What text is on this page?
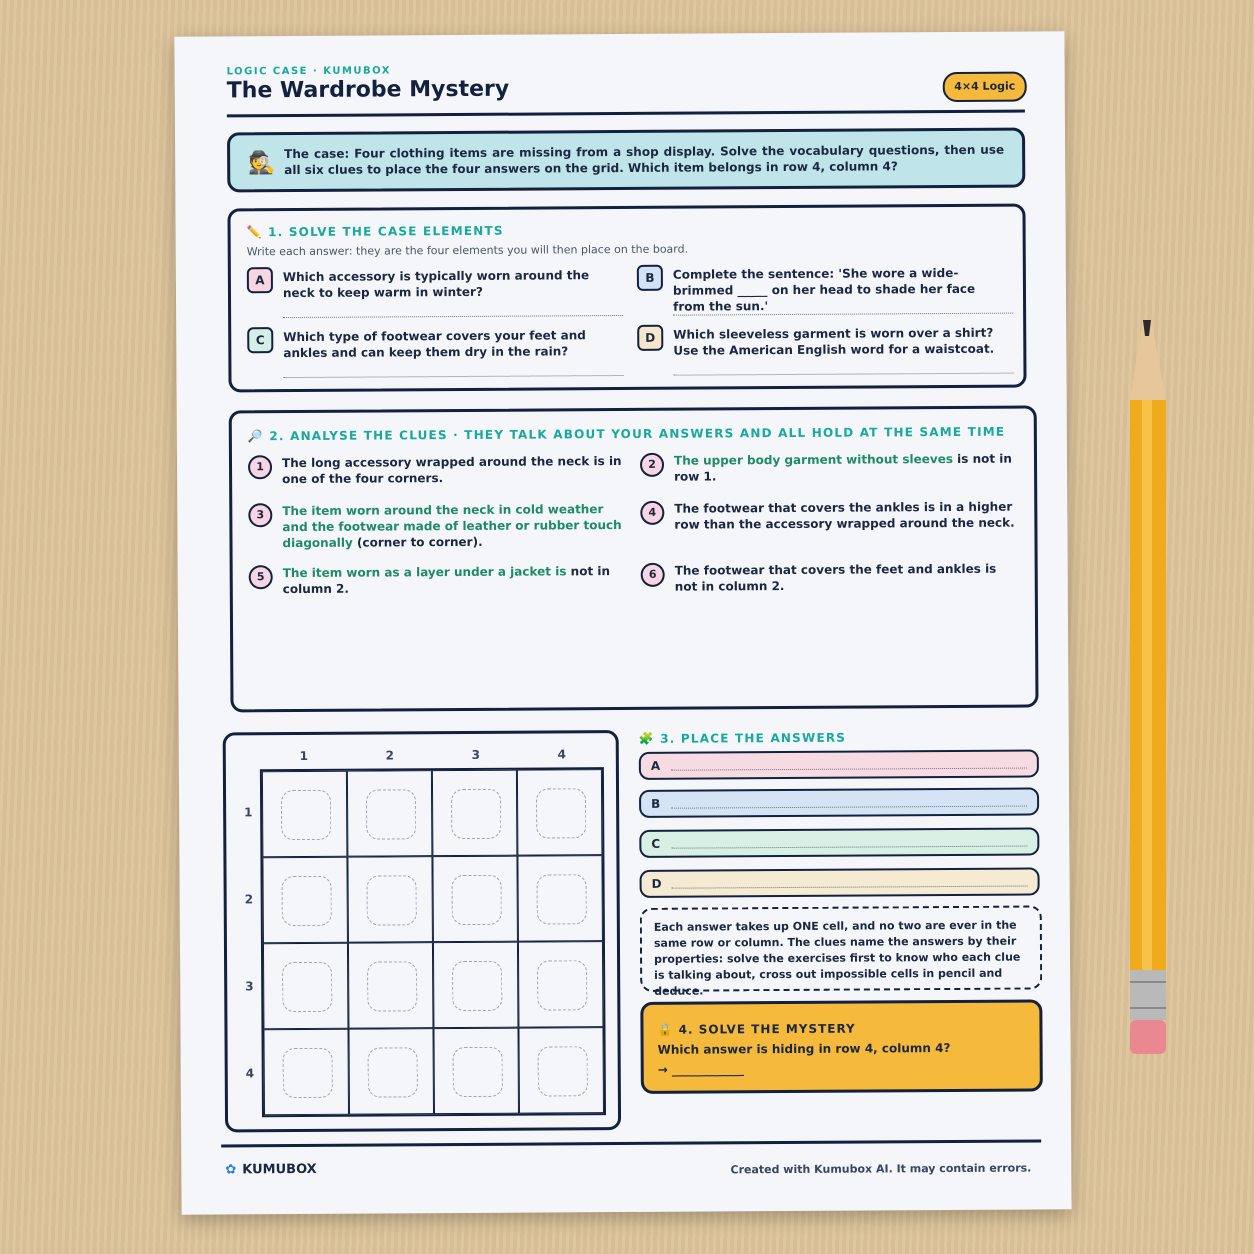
LOGIC CASE · KUMUBOX
The Wardrobe Mystery	4×4 Logic
🕵️ The case: Four clothing items are missing from a shop display. Solve the vocabulary questions, then use all six clues to place the four answers on the grid. Which item belongs in row 4, column 4?
✏️ 1. SOLVE THE CASE ELEMENTS
Write each answer: they are the four elements you will then place on the board.
A	Which accessory is typically worn around the neck to keep warm in winter?
B	Complete the sentence: 'She wore a wide-brimmed _____ on her head to shade her face from the sun.'
C	Which type of footwear covers your feet and ankles and can keep them dry in the rain?
D	Which sleeveless garment is worn over a shirt? Use the American English word for a waistcoat.
🔎 2. ANALYSE THE CLUES · THEY TALK ABOUT YOUR ANSWERS AND ALL HOLD AT THE SAME TIME
1	The long accessory wrapped around the neck is in one of the four corners.
2	The upper body garment without sleeves is not in row 1.
3	The item worn around the neck in cold weather and the footwear made of leather or rubber touch diagonally (corner to corner).
4	The footwear that covers the ankles is in a higher row than the accessory wrapped around the neck.
5	The item worn as a layer under a jacket is not in column 2.
6	The footwear that covers the feet and ankles is not in column 2.
1	2	3	4
1
2
3
4
🧩 3. PLACE THE ANSWERS
A
B
C
D
Each answer takes up ONE cell, and no two are ever in the same row or column. The clues name the answers by their properties: solve the exercises first to know who each clue is talking about, cross out impossible cells in pencil and deduce.
🔒 4. SOLVE THE MYSTERY
Which answer is hiding in row 4, column 4?
→ ____________
✿ KUMUBOX	Created with Kumubox AI. It may contain errors.
